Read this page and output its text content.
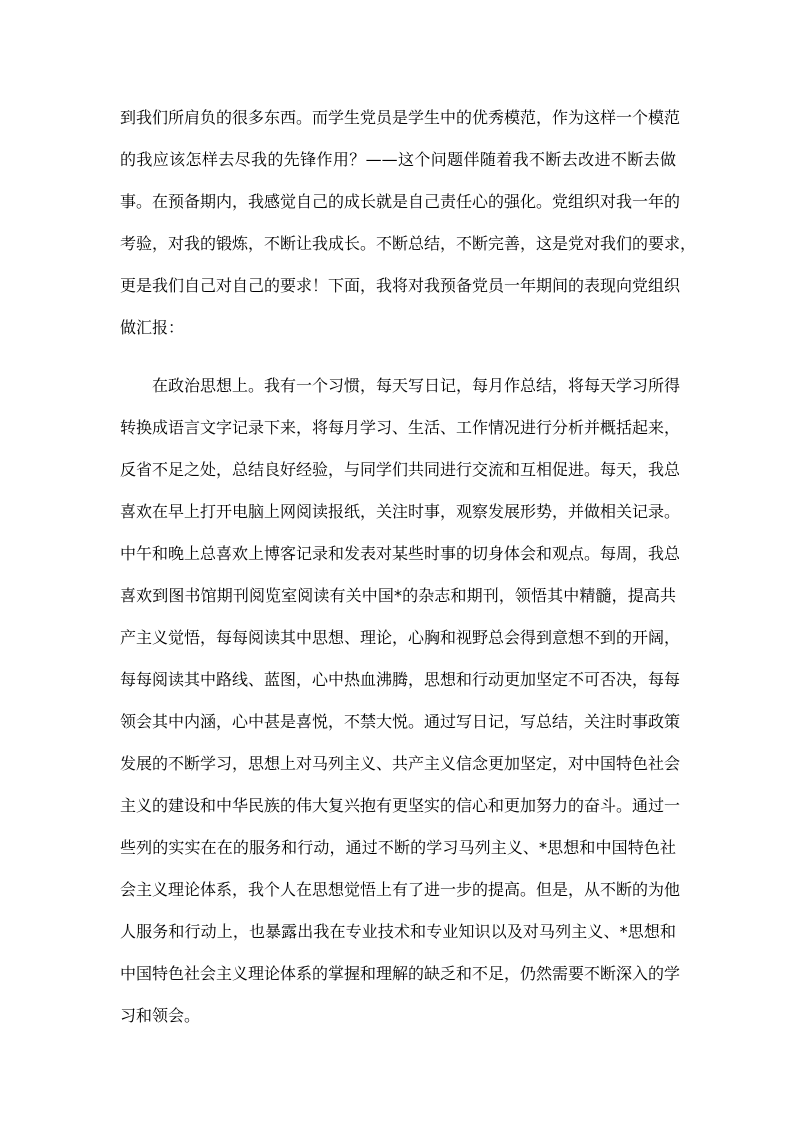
到我们所肩负的很多东西。而学生党员是学生中的优秀模范，作为这样一个模范
的我应该怎样去尽我的先锋作用？——这个问题伴随着我不断去改进不断去做
事。在预备期内，我感觉自己的成长就是自己责任心的强化。党组织对我一年的
考验，对我的锻炼，不断让我成长。不断总结，不断完善，这是党对我们的要求，
更是我们自己对自己的要求！下面，我将对我预备党员一年期间的表现向党组织
做汇报：
在政治思想上。我有一个习惯，每天写日记，每月作总结，将每天学习所得
转换成语言文字记录下来，将每月学习、生活、工作情况进行分析并概括起来，
反省不足之处，总结良好经验，与同学们共同进行交流和互相促进。每天，我总
喜欢在早上打开电脑上网阅读报纸，关注时事，观察发展形势，并做相关记录。
中午和晚上总喜欢上博客记录和发表对某些时事的切身体会和观点。每周，我总
喜欢到图书馆期刊阅览室阅读有关中国*的杂志和期刊，领悟其中精髓，提高共
产主义觉悟，每每阅读其中思想、理论，心胸和视野总会得到意想不到的开阔，
每每阅读其中路线、蓝图，心中热血沸腾，思想和行动更加坚定不可否决，每每
领会其中内涵，心中甚是喜悦，不禁大悦。通过写日记，写总结，关注时事政策
发展的不断学习，思想上对马列主义、共产主义信念更加坚定，对中国特色社会
主义的建设和中华民族的伟大复兴抱有更坚实的信心和更加努力的奋斗。通过一
些列的实实在在的服务和行动，通过不断的学习马列主义、*思想和中国特色社
会主义理论体系，我个人在思想觉悟上有了进一步的提高。但是，从不断的为他
人服务和行动上，也暴露出我在专业技术和专业知识以及对马列主义、*思想和
中国特色社会主义理论体系的掌握和理解的缺乏和不足，仍然需要不断深入的学
习和领会。
